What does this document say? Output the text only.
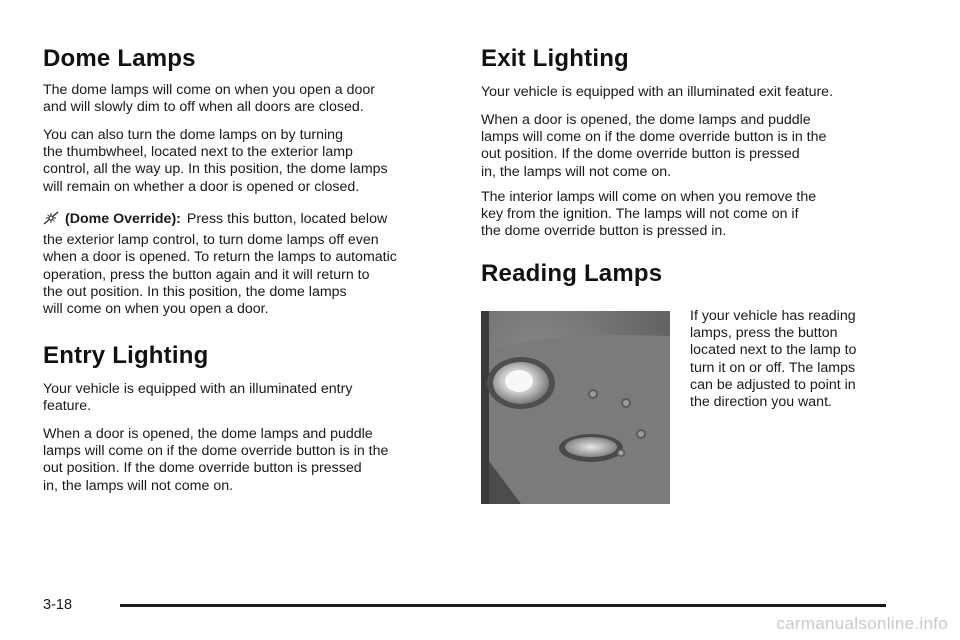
Dome Lamps

The dome lamps will come on when you open a door
and will slowly dim to off when all doors are closed.

You can also turn the dome lamps on by turning
the thumbwheel, located next to the exterior lamp
control, all the way up. In this position, the dome lamps
will remain on whether a door is opened or closed.

(Dome Override): Press this button, located below
the exterior lamp control, to turn dome lamps off even
when a door is opened. To return the lamps to automatic
operation, press the button again and it will return to
the out position. In this position, the dome lamps
will come on when you open a door.

Entry Lighting

Your vehicle is equipped with an illuminated entry
feature.

When a door is opened, the dome lamps and puddle
lamps will come on if the dome override button is in the
out position. If the dome override button is pressed
in, the lamps will not come on.

Exit Lighting

Your vehicle is equipped with an illuminated exit feature.

When a door is opened, the dome lamps and puddle
lamps will come on if the dome override button is in the
out position. If the dome override button is pressed
in, the lamps will not come on.

The interior lamps will come on when you remove the
key from the ignition. The lamps will not come on if
the dome override button is pressed in.

Reading Lamps

If your vehicle has reading
lamps, press the button
located next to the lamp to
turn it on or off. The lamps
can be adjusted to point in
the direction you want.

3-18
carmanualsonline.info
